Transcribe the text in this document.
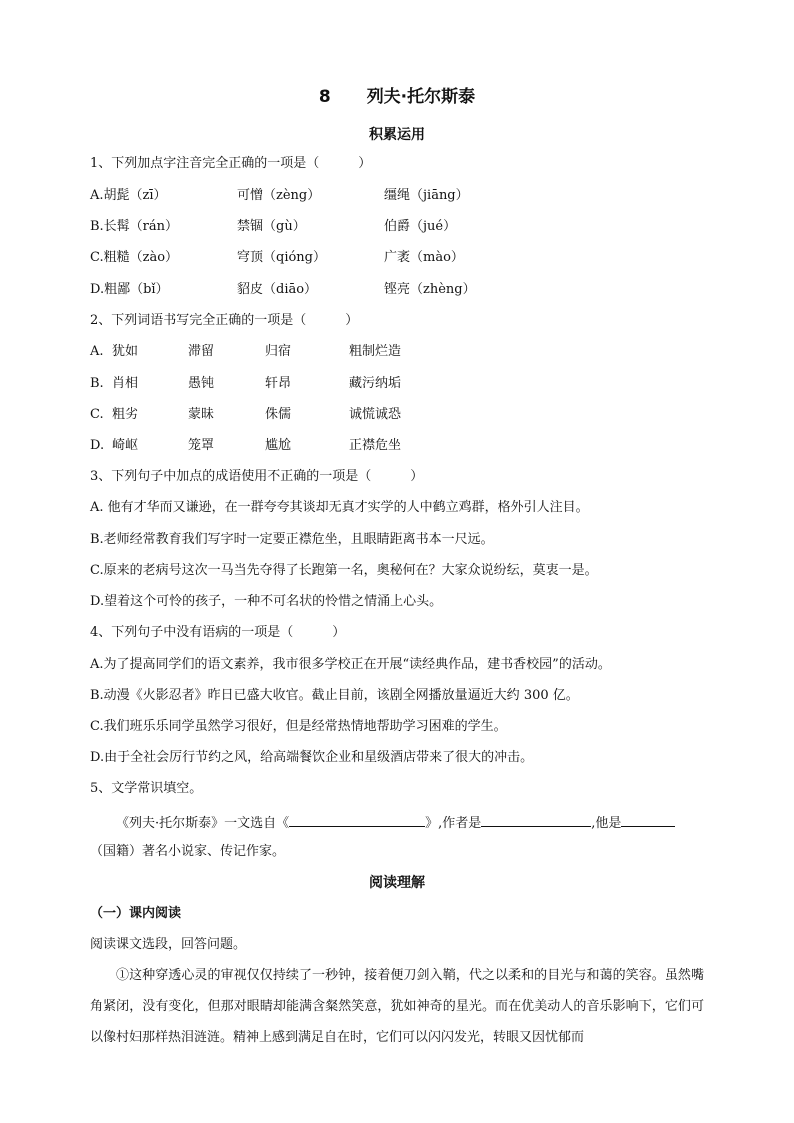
8 列夫·托尔斯泰
积累运用
1、下列加点字注音完全正确的一项是（　　　）
A.胡髭（zī）	可憎（zèng）	缰绳（jiāng）
B.长髯（rán）	禁锢（gù）	伯爵（jué）
C.粗糙（zào）	穹顶（qióng）	广袤（mào）
D.粗鄙（bǐ）	貂皮（diāo）	铿亮（zhèng）
2、下列词语书写完全正确的一项是（　　　）
A. 犹如	滞留	归宿	粗制烂造
B. 肖相	愚钝	轩昂	藏污纳垢
C. 粗劣	蒙昧	侏儒	诚慌诚恐
D. 崎岖	笼罩	尴尬	正襟危坐
3、下列句子中加点的成语使用不正确的一项是（　　　）
A. 他有才华而又谦逊，在一群夸夸其谈却无真才实学的人中鹤立鸡群，格外引人注目。
B.老师经常教育我们写字时一定要正襟危坐，且眼睛距离书本一尺远。
C.原来的老病号这次一马当先夺得了长跑第一名，奥秘何在？大家众说纷纭，莫衷一是。
D.望着这个可怜的孩子，一种不可名状的怜惜之情涌上心头。
4、下列句子中没有语病的一项是（　　　）
A.为了提高同学们的语文素养，我市很多学校正在开展“读经典作品，建书香校园”的活动。
B.动漫《火影忍者》昨日已盛大收官。截止目前，该剧全网播放量逼近大约 300 亿。
C.我们班乐乐同学虽然学习很好，但是经常热情地帮助学习困难的学生。
D.由于全社会厉行节约之风，给高端餐饮企业和星级酒店带来了很大的冲击。
5、文学常识填空。
《列夫·托尔斯泰》一文选自《	》,作者是	,他是
（国籍）著名小说家、传记作家。
阅读理解
（一）课内阅读
阅读课文选段，回答问题。
①这种穿透心灵的审视仅仅持续了一秒钟，接着便刀剑入鞘，代之以柔和的目光与和蔼的笑容。虽然嘴角紧闭，没有变化，但那对眼睛却能满含粲然笑意，犹如神奇的星光。而在优美动人的音乐影响下，它们可以像村妇那样热泪涟涟。精神上感到满足自在时，它们可以闪闪发光，转眼又因忧郁而
